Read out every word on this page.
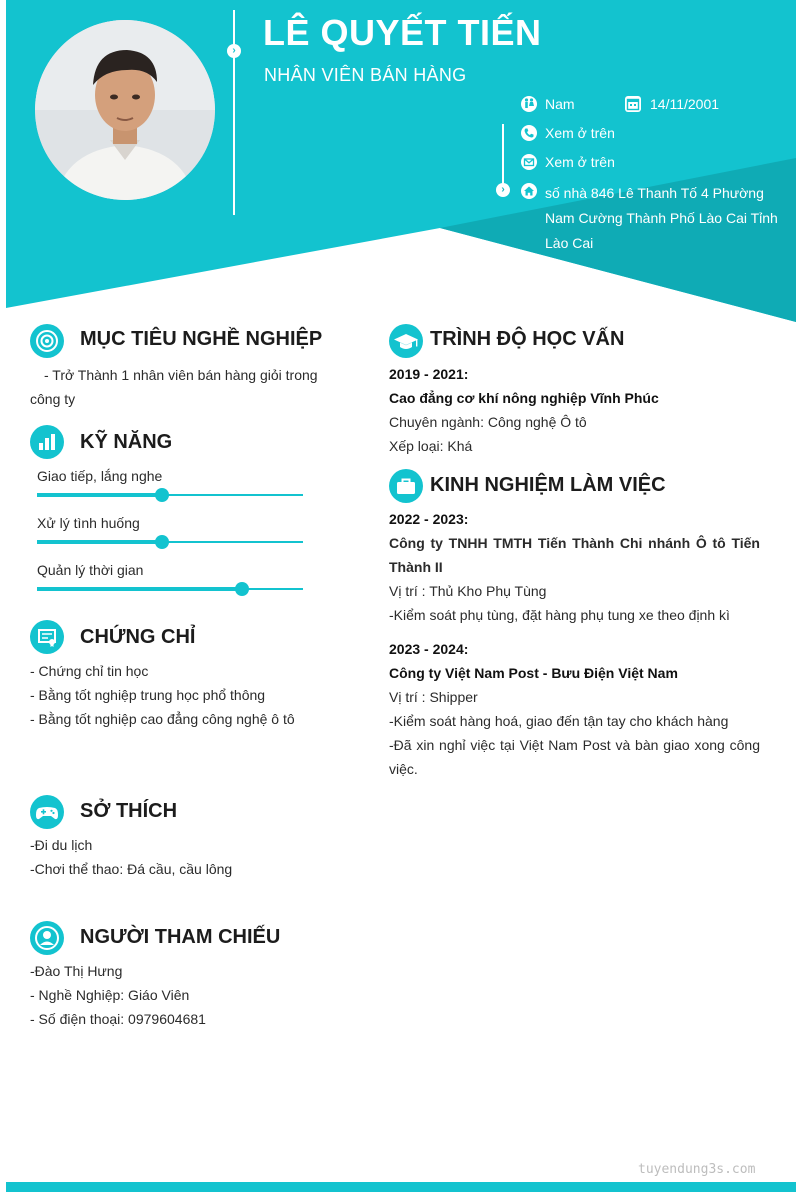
› LÊ QUYẾT TIẾN
NHÂN VIÊN BÁN HÀNG
›
Nam	14/11/2001
Xem ở trên
Xem ở trên
số nhà 846 Lê Thanh Tố 4 Phường Nam Cường Thành Phố Lào Cai Tỉnh Lào Cai
MỤC TIÊU NGHỀ NGHIỆP
- Trở Thành 1 nhân viên bán hàng giỏi trong công ty
KỸ NĂNG
Giao tiếp, lắng nghe
Xử lý tình huống
Quản lý thời gian
CHỨNG CHỈ
- Chứng chỉ tin học
- Bằng tốt nghiệp trung học phổ thông
- Bằng tốt nghiệp cao đẳng công nghệ ô tô
SỞ THÍCH
-Đi du lịch
-Chơi thể thao: Đá cầu, cầu lông
NGƯỜI THAM CHIẾU
-Đào Thị Hưng
- Nghề Nghiệp: Giáo Viên
- Số điện thoại: 0979604681
TRÌNH ĐỘ HỌC VẤN
2019 - 2021:
Cao đẳng cơ khí nông nghiệp Vĩnh Phúc
Chuyên ngành: Công nghệ Ô tô
Xếp loại: Khá
KINH NGHIỆM LÀM VIỆC
2022 - 2023:
Công ty TNHH TMTH Tiến Thành Chi nhánh Ô tô Tiến Thành II
Vị trí : Thủ Kho Phụ Tùng
-Kiểm soát phụ tùng, đặt hàng phụ tung xe theo định kì
2023 - 2024:
Công ty Việt Nam Post - Bưu Điện Việt Nam
Vị trí : Shipper
-Kiểm soát hàng hoá, giao đến tận tay cho khách hàng
-Đã xin nghỉ việc tại Việt Nam Post và bàn giao xong công việc.
tuyendung3s.com
